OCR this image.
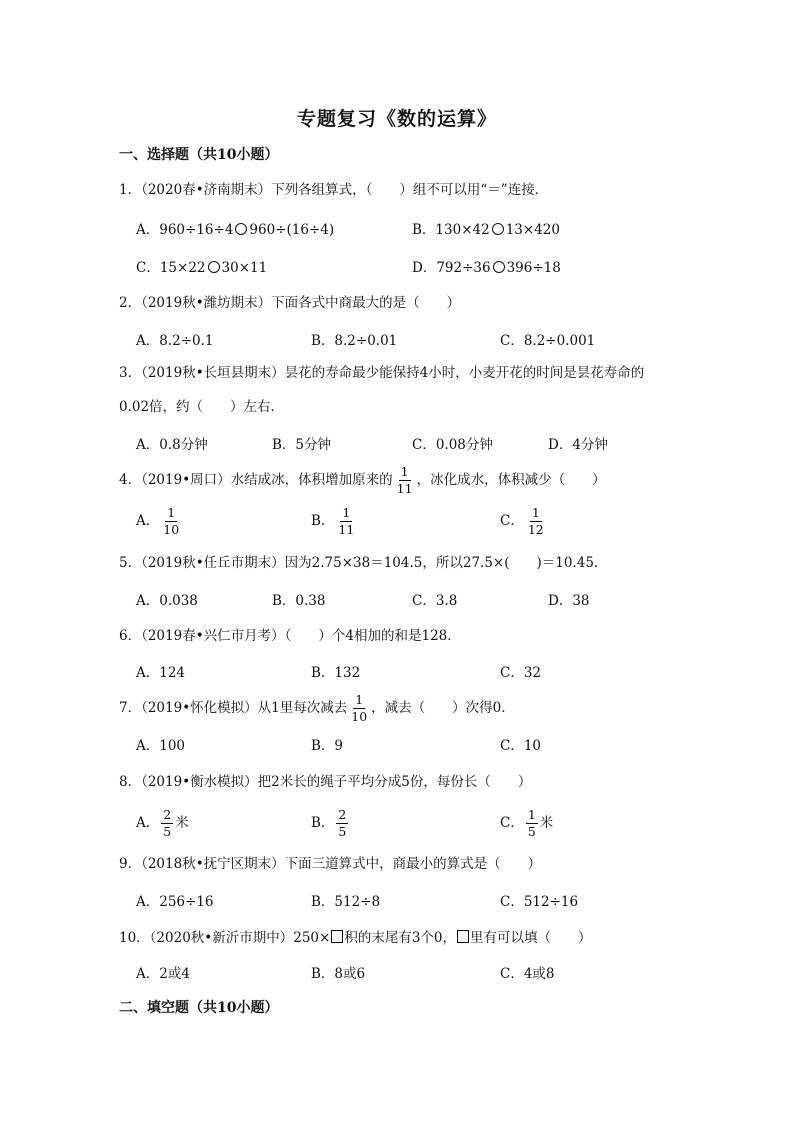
专题复习《数的运算》
一、选择题（共10小题）
1．（2020春•济南期末）下列各组算式，（　　）组不可以用“＝”连接．
A．960÷16÷4 960÷(16÷4)	B．130×42 13×420
C．15×22 30×11	D．792÷36 396÷18
2．（2019秋•潍坊期末）下面各式中商最大的是（　　）
A．8.2÷0.1	B．8.2÷0.01	C．8.2÷0.001
3．（2019秋•长垣县期末）昙花的寿命最少能保持4小时，小麦开花的时间是昙花寿命的
0.02倍，约（　　）左右．
A．0.8分钟	B．5分钟	C．0.08分钟	D．4分钟
4．（2019•周口）水结成冰，体积增加原来的 $\frac{1}{11}$ ，冰化成水，体积减少（　　）
A． $\frac{1}{10}$	B． $\frac{1}{11}$	C． $\frac{1}{12}$
5．（2019秋•任丘市期末）因为2.75×38＝104.5，所以27.5×(　　)＝10.45．
A．0.038	B．0.38	C．3.8	D．38
6．（2019春•兴仁市月考）（　　）个4相加的和是128．
A．124	B．132	C．32
7．（2019•怀化模拟）从1里每次减去 $\frac{1}{10}$ ，减去（　　）次得0．
A．100	B．9	C．10
8．（2019•衡水模拟）把2米长的绳子平均分成5份，每份长（　　）
A． $\frac{2}{5}$ 米	B． $\frac{2}{5}$	C． $\frac{1}{5}$ 米
9．（2018秋•抚宁区期末）下面三道算式中，商最小的算式是（　　）
A．256÷16	B．512÷8	C．512÷16
10．（2020秋•新沂市期中）250× 积的末尾有3个0， 里有可以填（　　）
A．2或4	B．8或6	C．4或8
二、填空题（共10小题）
